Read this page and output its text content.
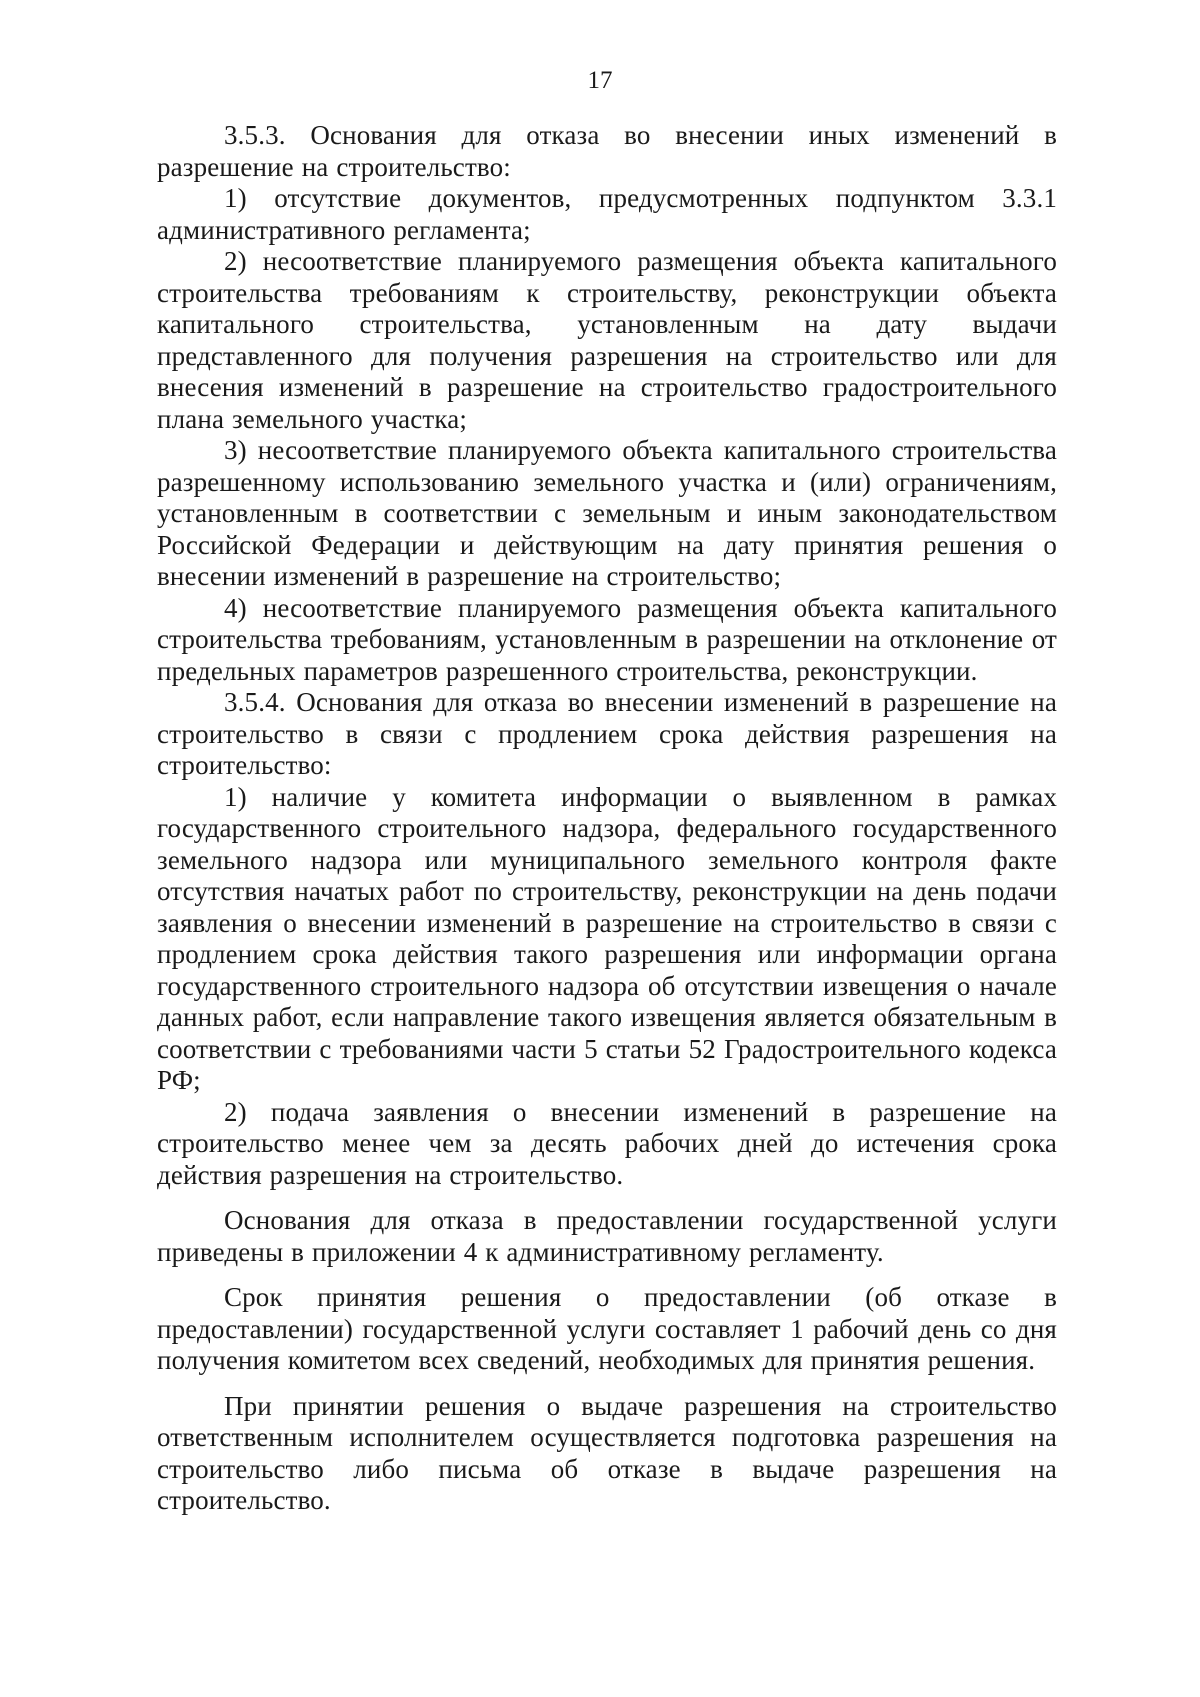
17

3.5.3. Основания для отказа во внесении иных изменений в разрешение на строительство:

1) отсутствие документов, предусмотренных подпунктом 3.3.1 административного регламента;

2) несоответствие планируемого размещения объекта капитального строительства требованиям к строительству, реконструкции объекта капитального строительства, установленным на дату выдачи представленного для получения разрешения на строительство или для внесения изменений в разрешение на строительство градостроительного плана земельного участка;

3) несоответствие планируемого объекта капитального строительства разрешенному использованию земельного участка и (или) ограничениям, установленным в соответствии с земельным и иным законодательством Российской Федерации и действующим на дату принятия решения о внесении изменений в разрешение на строительство;

4) несоответствие планируемого размещения объекта капитального строительства требованиям, установленным в разрешении на отклонение от предельных параметров разрешенного строительства, реконструкции.

3.5.4. Основания для отказа во внесении изменений в разрешение на строительство в связи с продлением срока действия разрешения на строительство:

1) наличие у комитета информации о выявленном в рамках государственного строительного надзора, федерального государственного земельного надзора или муниципального земельного контроля факте отсутствия начатых работ по строительству, реконструкции на день подачи заявления о внесении изменений в разрешение на строительство в связи с продлением срока действия такого разрешения или информации органа государственного строительного надзора об отсутствии извещения о начале данных работ, если направление такого извещения является обязательным в соответствии с требованиями части 5 статьи 52 Градостроительного кодекса РФ;

2) подача заявления о внесении изменений в разрешение на строительство менее чем за десять рабочих дней до истечения срока действия разрешения на строительство.

Основания для отказа в предоставлении государственной услуги приведены в приложении 4 к административному регламенту.

Срок принятия решения о предоставлении (об отказе в предоставлении) государственной услуги составляет 1 рабочий день со дня получения комитетом всех сведений, необходимых для принятия решения.

При принятии решения о выдаче разрешения на строительство ответственным исполнителем осуществляется подготовка разрешения на строительство либо письма об отказе в выдаче разрешения на строительство.
